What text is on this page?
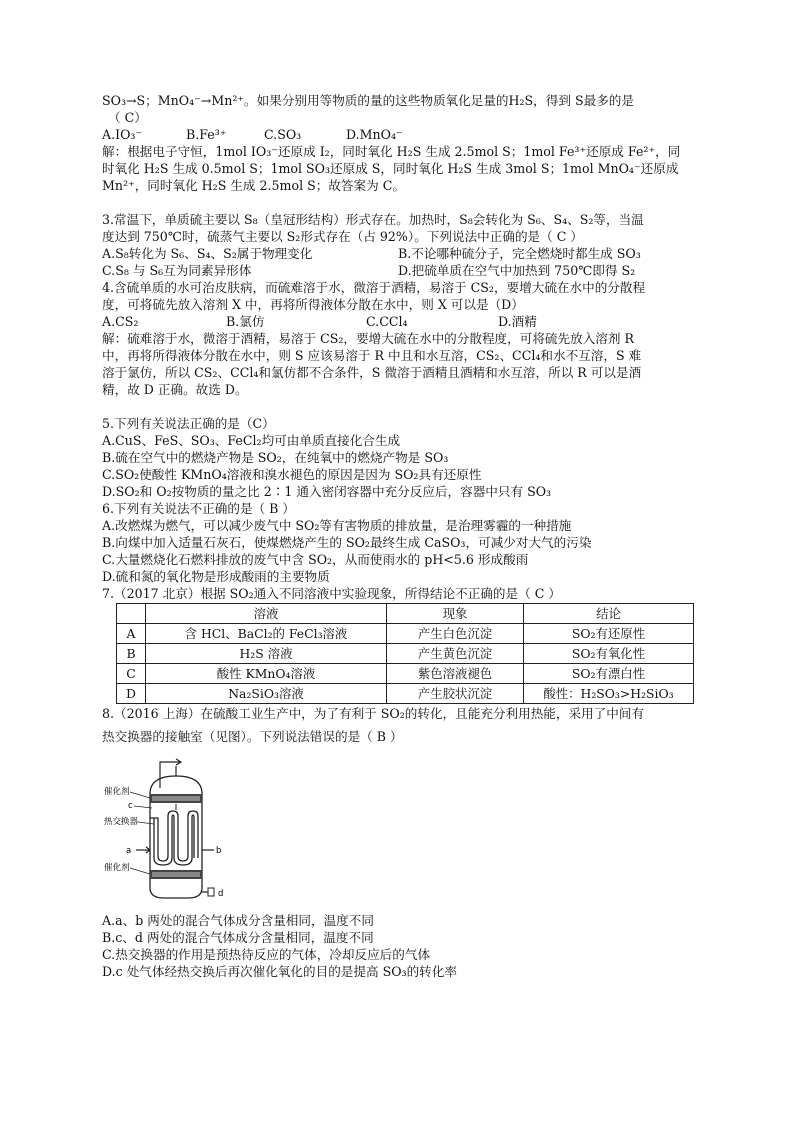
SO₃→S；MnO₄⁻→Mn²⁺。如果分别用等物质的量的这些物质氧化足量的H₂S，得到 S最多的是
（ C）
A.IO₃⁻	B.Fe³⁺	C.SO₃	D.MnO₄⁻
解：根据电子守恒，1mol IO₃⁻还原成 I₂，同时氧化 H₂S 生成 2.5mol S；1mol Fe³⁺还原成 Fe²⁺，同
时氧化 H₂S 生成 0.5mol S；1mol SO₃还原成 S，同时氧化 H₂S 生成 3mol S；1mol MnO₄⁻还原成
Mn²⁺，同时氧化 H₂S 生成 2.5mol S；故答案为 C。
3.常温下，单质硫主要以 S₈（皇冠形结构）形式存在。加热时，S₈会转化为 S₆、S₄、S₂等，当温
度达到 750℃时，硫蒸气主要以 S₂形式存在（占 92%）。下列说法中正确的是（ C ）
A.S₈转化为 S₆、S₄、S₂属于物理变化	B.不论哪种硫分子，完全燃烧时都生成 SO₃
C.S₈ 与 S₆互为同素异形体	D.把硫单质在空气中加热到 750℃即得 S₂
4.含硫单质的水可治皮肤病，而硫难溶于水，微溶于酒精，易溶于 CS₂，要增大硫在水中的分散程
度，可将硫先放入溶剂 X 中，再将所得液体分散在水中，则 X 可以是（D）
A.CS₂	B.氯仿	C.CCl₄	D.酒精
解：硫难溶于水，微溶于酒精，易溶于 CS₂，要增大硫在水中的分散程度，可将硫先放入溶剂 R
中，再将所得液体分散在水中，则 S 应该易溶于 R 中且和水互溶，CS₂、CCl₄和水不互溶，S 难
溶于氯仿，所以 CS₂、CCl₄和氯仿都不合条件，S 微溶于酒精且酒精和水互溶，所以 R 可以是酒
精，故 D 正确。故选 D。
5.下列有关说法正确的是（C）
A.CuS、FeS、SO₃、FeCl₂均可由单质直接化合生成
B.硫在空气中的燃烧产物是 SO₂，在纯氧中的燃烧产物是 SO₃
C.SO₂使酸性 KMnO₄溶液和溴水褪色的原因是因为 SO₂具有还原性
D.SO₂和 O₂按物质的量之比 2∶1 通入密闭容器中充分反应后，容器中只有 SO₃
6.下列有关说法不正确的是（ B ）
A.改燃煤为燃气，可以减少废气中 SO₂等有害物质的排放量，是治理雾霾的一种措施
B.向煤中加入适量石灰石，使煤燃烧产生的 SO₂最终生成 CaSO₃，可减少对大气的污染
C.大量燃烧化石燃料排放的废气中含 SO₂，从而使雨水的 pH<5.6 形成酸雨
D.硫和氮的氧化物是形成酸雨的主要物质
7.（2017 北京）根据 SO₂通入不同溶液中实验现象，所得结论不正确的是（ C ）
	溶液	现象	结论
A	含 HCl、BaCl₂的 FeCl₃溶液	产生白色沉淀	SO₂有还原性
B	H₂S 溶液	产生黄色沉淀	SO₂有氧化性
C	酸性 KMnO₄溶液	紫色溶液褪色	SO₂有漂白性
D	Na₂SiO₃溶液	产生胶状沉淀	酸性：H₂SO₃>H₂SiO₃
8.（2016 上海）在硫酸工业生产中，为了有利于 SO₂的转化，且能充分利用热能，采用了中间有
热交换器的接触室（见图）。下列说法错误的是（ B ）
催化剂
c
热交换器
a	b
催化剂
d
A.a、b 两处的混合气体成分含量相同，温度不同
B.c、d 两处的混合气体成分含量相同，温度不同
C.热交换器的作用是预热待反应的气体，冷却反应后的气体
D.c 处气体经热交换后再次催化氧化的目的是提高 SO₃的转化率
